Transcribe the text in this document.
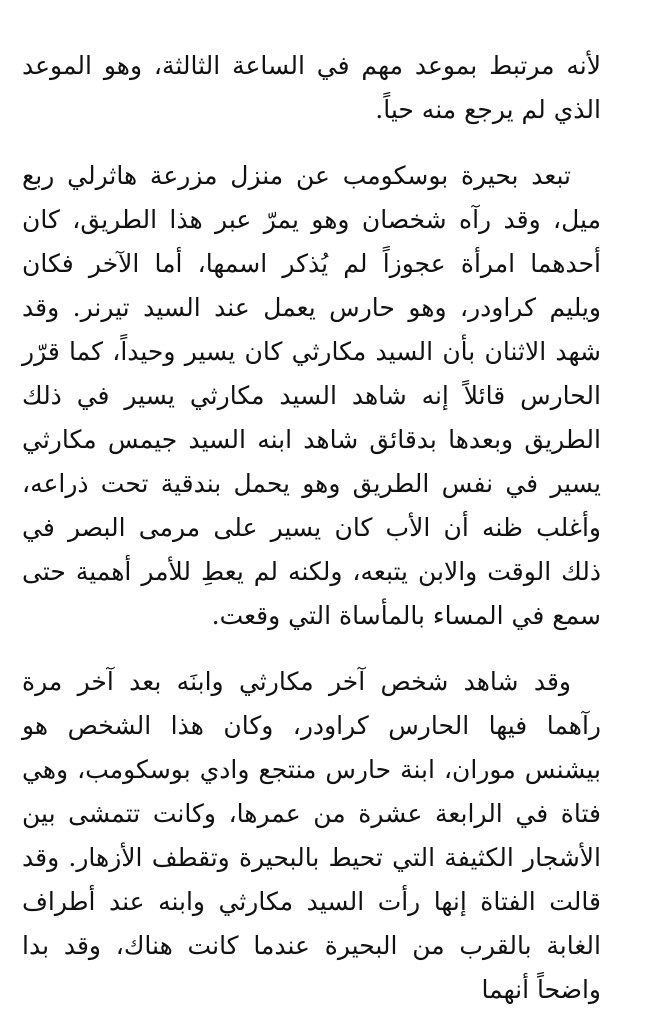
لأنه مرتبط بموعد مهم في الساعة الثالثة، وهو الموعد الذي لم يرجع منه حياً.

تبعد بحيرة بوسكومب عن منزل مزرعة هاثرلي ربع ميل، وقد رآه شخصان وهو يمرّ عبر هذا الطريق، كان أحدهما امرأة عجوزاً لم يُذكر اسمها، أما الآخر فكان ويليم كراودر، وهو حارس يعمل عند السيد تيرنر. وقد شهد الاثنان بأن السيد مكارثي كان يسير وحيداً، كما قرّر الحارس قائلاً إنه شاهد السيد مكارثي يسير في ذلك الطريق وبعدها بدقائق شاهد ابنه السيد جيمس مكارثي يسير في نفس الطريق وهو يحمل بندقية تحت ذراعه، وأغلب ظنه أن الأب كان يسير على مرمى البصر في ذلك الوقت والابن يتبعه، ولكنه لم يعطِ للأمر أهمية حتى سمع في المساء بالمأساة التي وقعت.

وقد شاهد شخص آخر مكارثي وابنَه بعد آخر مرة رآهما فيها الحارس كراودر، وكان هذا الشخص هو بيشنس موران، ابنة حارس منتجع وادي بوسكومب، وهي فتاة في الرابعة عشرة من عمرها، وكانت تتمشى بين الأشجار الكثيفة التي تحيط بالبحيرة وتقطف الأزهار. وقد قالت الفتاة إنها رأت السيد مكارثي وابنه عند أطراف الغابة بالقرب من البحيرة عندما كانت هناك، وقد بدا واضحاً أنهما
